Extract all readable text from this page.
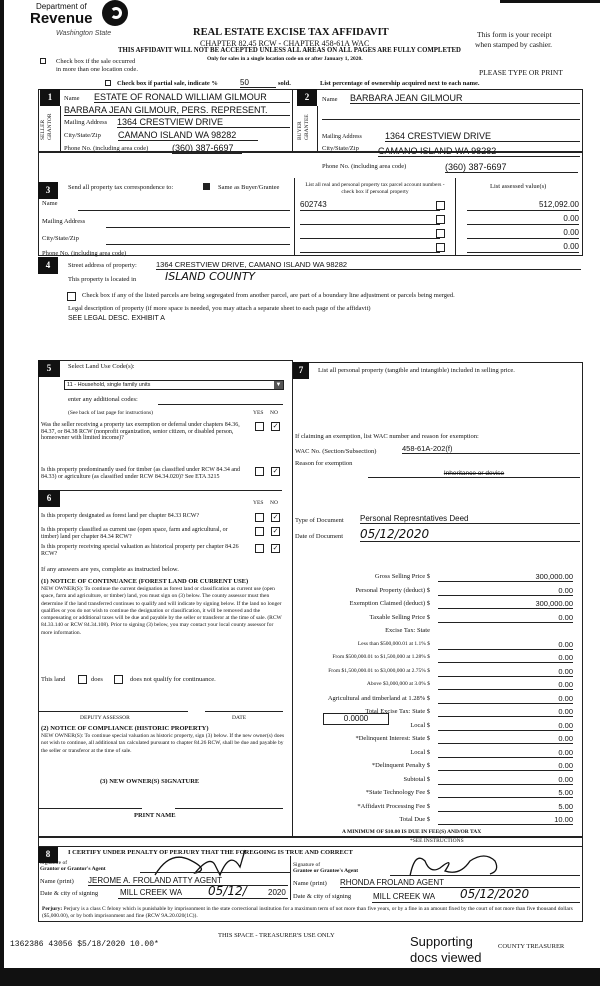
Department of
Revenue
Washington State	REAL ESTATE EXCISE TAX AFFIDAVIT
CHAPTER 82.45 RCW - CHAPTER 458-61A WAC
THIS AFFIDAVIT WILL NOT BE ACCEPTED UNLESS ALL AREAS ON ALL PAGES ARE FULLY COMPLETED
Only for sales in a single location code on or after January 1, 2020.
This form is your receipt
when stamped by cashier.
Check box if the sale occurred
in more than one location code.	PLEASE TYPE OR PRINT
Check box if partial sale, indicate %	50	sold.	List percentage of ownership acquired next to each name.
1
SELLER GRANTOR
Name ESTATE OF RONALD WILLIAM GILMOUR
BARBARA JEAN GILMOUR, PERS. REPRESENT.
Mailing Address 1364 CRESTVIEW DRIVE
City/State/Zip CAMANO ISLAND WA 98282
Phone No. (including area code)	(360) 387-6697
2
BUYER GRANTEE
Name BARBARA JEAN GILMOUR
Mailing Address	1364 CRESTVIEW DRIVE
City/State/Zip CAMANO ISLAND WA 98282
Phone No. (including area code)	(360) 387-6697
3	Send all property tax correspondence to:	Same as Buyer/Grantee
Name
Mailing Address
City/State/Zip
Phone No. (including area code)
List all real and personal property tax parcel account numbers - check box if personal property
List assessed value(s)
602743	512,092.00
0.00
0.00
0.00
4	Street address of property:	1364 CRESTVIEW DRIVE, CAMANO ISLAND WA 98282
This property is located in	ISLAND COUNTY
Check box if any of the listed parcels are being segregated from another parcel, are part of a boundary line adjustment or parcels being merged.
Legal description of property (if more space is needed, you may attach a separate sheet to each page of the affidavit)
SEE LEGAL DESC. EXHIBIT A
5	Select Land Use Code(s):
11 - Household, single family units	▼
enter any additional codes:
(See back of last page for instructions)	YES NO
Was the seller receiving a property tax exemption or deferral under chapters 84.36, 84.37, or 84.38 RCW (nonprofit organization, senior citizen, or disabled person, homeowner with limited income)?
✓
Is this property predominantly used for timber (as classified under RCW 84.34 and 84.33) or agriculture (as classified under RCW 84.34.020)? See ETA 3215
✓
6	YES NO
Is this property designated as forest land per chapter 84.33 RCW?	✓
Is this property classified as current use (open space, farm and agricultural, or timber) land per chapter 84.34 RCW?
✓
Is this property receiving special valuation as historical property per chapter 84.26 RCW?
✓
If any answers are yes, complete as instructed below.
(1) NOTICE OF CONTINUANCE (FOREST LAND OR CURRENT USE)
NEW OWNER(S): To continue the current designation as forest land or classification as current use (open space, farm and agriculture, or timber) land, you must sign on (3) below. The county assessor must then determine if the land transferred continues to qualify and will indicate by signing below. If the land no longer qualifies or you do not wish to continue the designation or classification, it will be removed and the compensating or additional taxes will be due and payable by the seller or transferor at the time of sale. (RCW 84.33.140 or RCW 84.34.108). Prior to signing (3) below, you may contact your local county assessor for more information.
This land	does	does not qualify for continuance.
DEPUTY ASSESSOR	DATE
(2) NOTICE OF COMPLIANCE (HISTORIC PROPERTY)
NEW OWNER(S): To continue special valuation as historic property, sign (3) below. If the new owner(s) does not wish to continue, all additional tax calculated pursuant to chapter 84.26 RCW, shall be due and payable by the seller or transferor at the time of sale.
(3) NEW OWNER(S) SIGNATURE
PRINT NAME
7	List all personal property (tangible and intangible) included in selling price.
If claiming an exemption, list WAC number and reason for exemption:
WAC No. (Section/Subsection)	458-61A-202(f)
Reason for exemption
Inheritance or devise
Type of Document Personal Represntatives Deed
Date of Document 05/12/2020
Gross Selling Price $	300,000.00
Personal Property (deduct) $	0.00
Exemption Claimed (deduct) $	300,000.00
Taxable Selling Price $	0.00
Excise Tax: State
Less than $500,000.01 at 1.1% $	0.00
From $500,000.01 to $1,500,000 at 1.28% $	0.00
From $1,500,000.01 to $3,000,000 at 2.75% $	0.00
Above $3,000,000 at 3.0% $	0.00
Agricultural and timberland at 1.28% $	0.00
Total Excise Tax: State $	0.00
Local $	0.00
*Delinquent Interest: State $	0.00
Local $	0.00
*Delinquent Penalty $	0.00
Subtotal $	0.00
*State Technology Fee $	5.00
*Affidavit Processing Fee $	5.00
Total Due $	10.00
0.0000
A MINIMUM OF $10.00 IS DUE IN FEE(S) AND/OR TAX
*SEE INSTRUCTIONS
8	I CERTIFY UNDER PENALTY OF PERJURY THAT THE FOREGOING IS TRUE AND CORRECT
Signature of
Grantor or Grantor's Agent
Name (print) JEROME A. FROLAND ATTY AGENT
Date & city of signing	MILL CREEK WA 05/12/	2020
Signature of
Grantee or Grantee's Agent
Name (print) RHONDA FROLAND AGENT
Date & city of signing	MILL CREEK WA 05/12/2020
Perjury: Perjury is a class C felony which is punishable by imprisonment in the state correctional institution for a maximum term of not more than five years, or by a fine in an amount fixed by the court of not more than five thousand dollars ($5,000.00), or by both imprisonment and fine (RCW 9A.20.020(1C)).
THIS SPACE - TREASURER'S USE ONLY
COUNTY TREASURER
1362386 43056 $5/18/2020 10.00*	Supporting
docs viewed
